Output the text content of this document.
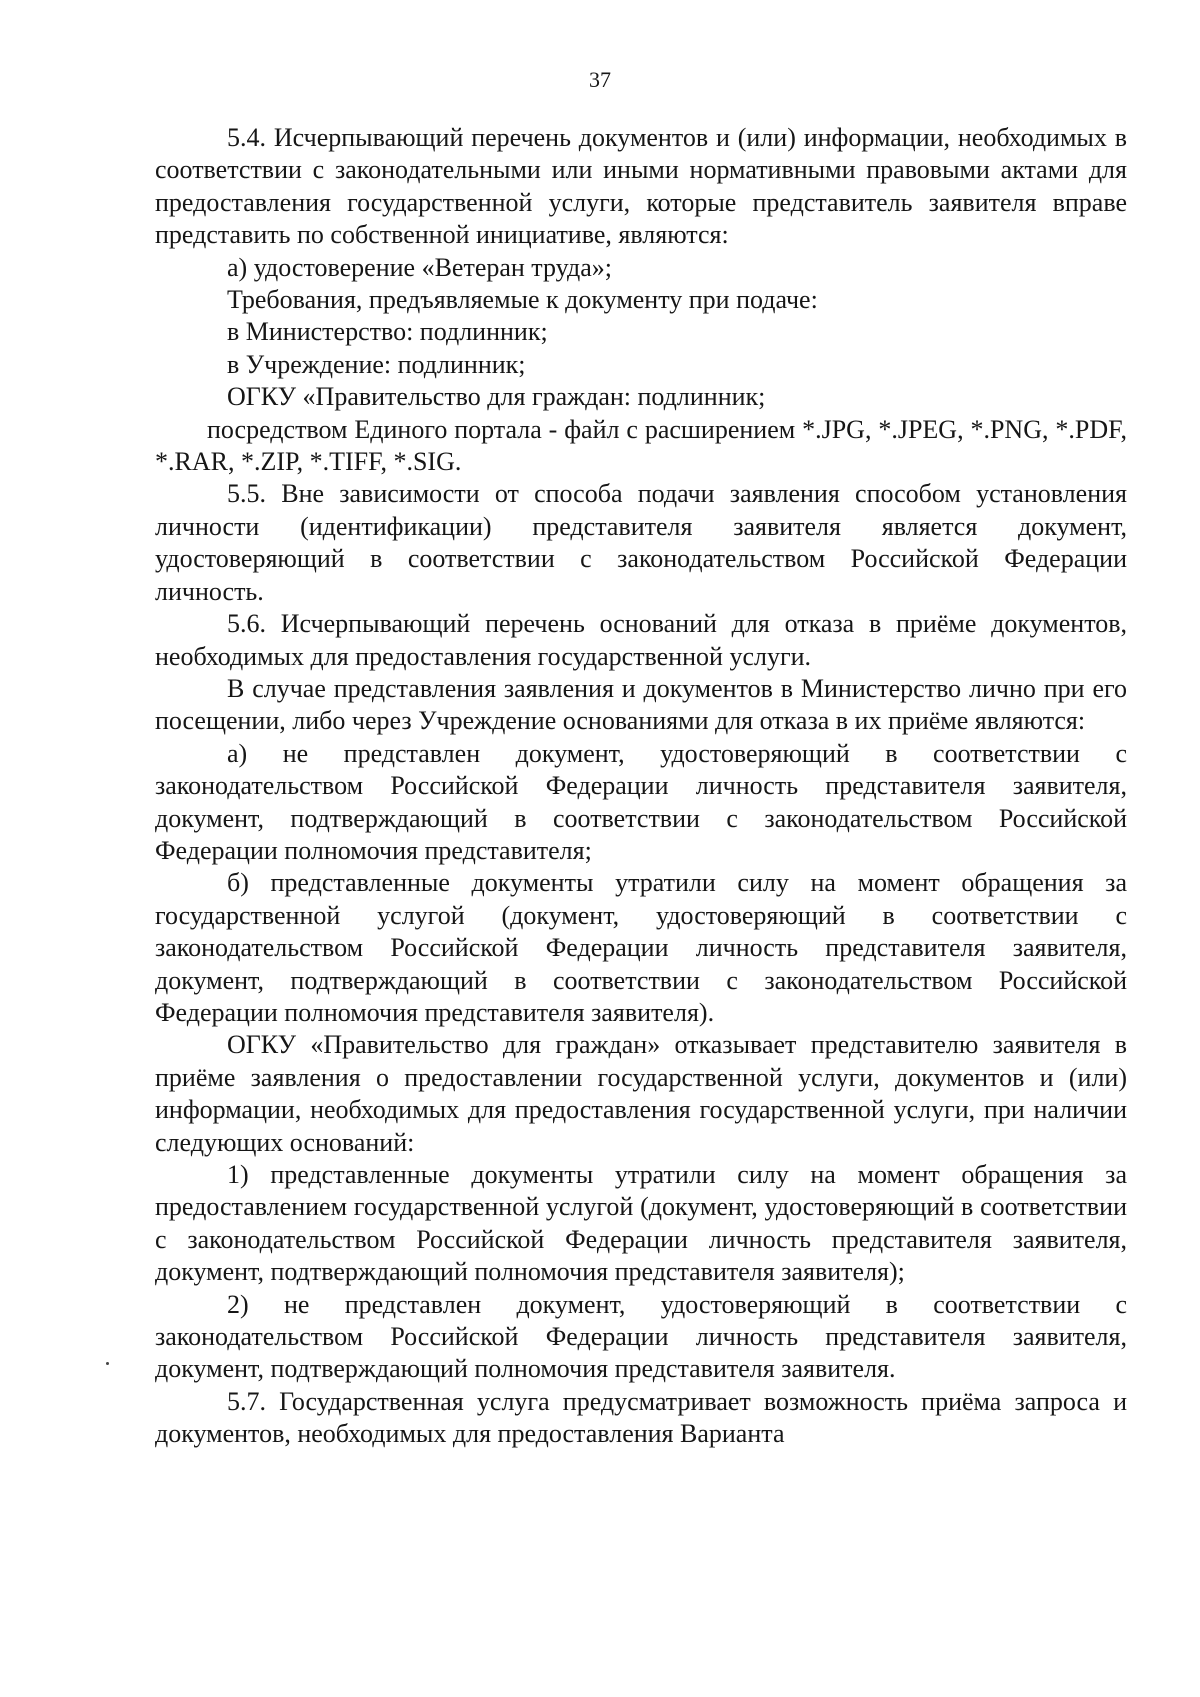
37

5.4. Исчерпывающий перечень документов и (или) информации, необходимых в соответствии с законодательными или иными нормативными правовыми актами для предоставления государственной услуги, которые представитель заявителя вправе представить по собственной инициативе, являются:

а) удостоверение «Ветеран труда»;

Требования, предъявляемые к документу при подаче:

в Министерство: подлинник;

в Учреждение: подлинник;

ОГКУ «Правительство для граждан: подлинник;

посредством Единого портала - файл с расширением *.JPG, *.JPEG, *.PNG, *.PDF, *.RAR, *.ZIP, *.TIFF, *.SIG.

5.5. Вне зависимости от способа подачи заявления способом установления личности (идентификации) представителя заявителя является документ, удостоверяющий в соответствии с законодательством Российской Федерации личность.

5.6. Исчерпывающий перечень оснований для отказа в приёме документов, необходимых для предоставления государственной услуги.

В случае представления заявления и документов в Министерство лично при его посещении, либо через Учреждение основаниями для отказа в их приёме являются:

а) не представлен документ, удостоверяющий в соответствии с законодательством Российской Федерации личность представителя заявителя, документ, подтверждающий в соответствии с законодательством Российской Федерации полномочия представителя;

б) представленные документы утратили силу на момент обращения за государственной услугой (документ, удостоверяющий в соответствии с законодательством Российской Федерации личность представителя заявителя, документ, подтверждающий в соответствии с законодательством Российской Федерации полномочия представителя заявителя).

ОГКУ «Правительство для граждан» отказывает представителю заявителя в приёме заявления о предоставлении государственной услуги, документов и (или) информации, необходимых для предоставления государственной услуги, при наличии следующих оснований:

1) представленные документы утратили силу на момент обращения за предоставлением государственной услугой (документ, удостоверяющий в соответствии с законодательством Российской Федерации личность представителя заявителя, документ, подтверждающий полномочия представителя заявителя);

2) не представлен документ, удостоверяющий в соответствии с законодательством Российской Федерации личность представителя заявителя, документ, подтверждающий полномочия представителя заявителя.

5.7. Государственная услуга предусматривает возможность приёма запроса и документов, необходимых для предоставления Варианта
